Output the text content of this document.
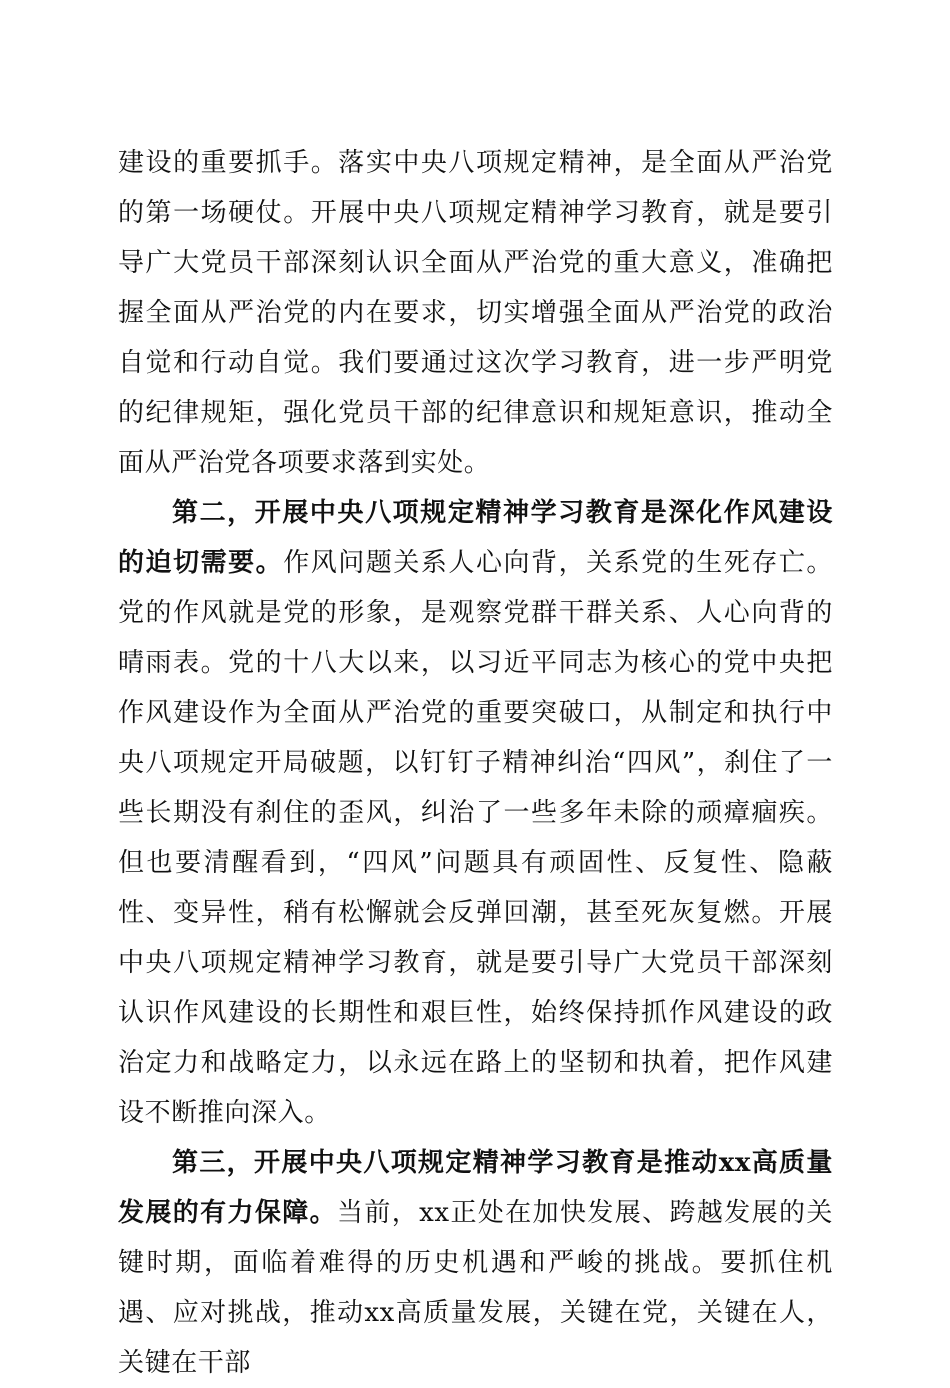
建设的重要抓手。落实中央八项规定精神，是全面从严治党的第一场硬仗。开展中央八项规定精神学习教育，就是要引导广大党员干部深刻认识全面从严治党的重大意义，准确把握全面从严治党的内在要求，切实增强全面从严治党的政治自觉和行动自觉。我们要通过这次学习教育，进一步严明党的纪律规矩，强化党员干部的纪律意识和规矩意识，推动全面从严治党各项要求落到实处。

第二，开展中央八项规定精神学习教育是深化作风建设的迫切需要。作风问题关系人心向背，关系党的生死存亡。党的作风就是党的形象，是观察党群干群关系、人心向背的晴雨表。党的十八大以来，以习近平同志为核心的党中央把作风建设作为全面从严治党的重要突破口，从制定和执行中央八项规定开局破题，以钉钉子精神纠治“四风”，刹住了一些长期没有刹住的歪风，纠治了一些多年未除的顽瘴痼疾。但也要清醒看到，“四风”问题具有顽固性、反复性、隐蔽性、变异性，稍有松懈就会反弹回潮，甚至死灰复燃。开展中央八项规定精神学习教育，就是要引导广大党员干部深刻认识作风建设的长期性和艰巨性，始终保持抓作风建设的政治定力和战略定力，以永远在路上的坚韧和执着，把作风建设不断推向深入。

第三，开展中央八项规定精神学习教育是推动xx高质量发展的有力保障。当前，xx正处在加快发展、跨越发展的关键时期，面临着难得的历史机遇和严峻的挑战。要抓住机遇、应对挑战，推动xx高质量发展，关键在党，关键在人，关键在干部
